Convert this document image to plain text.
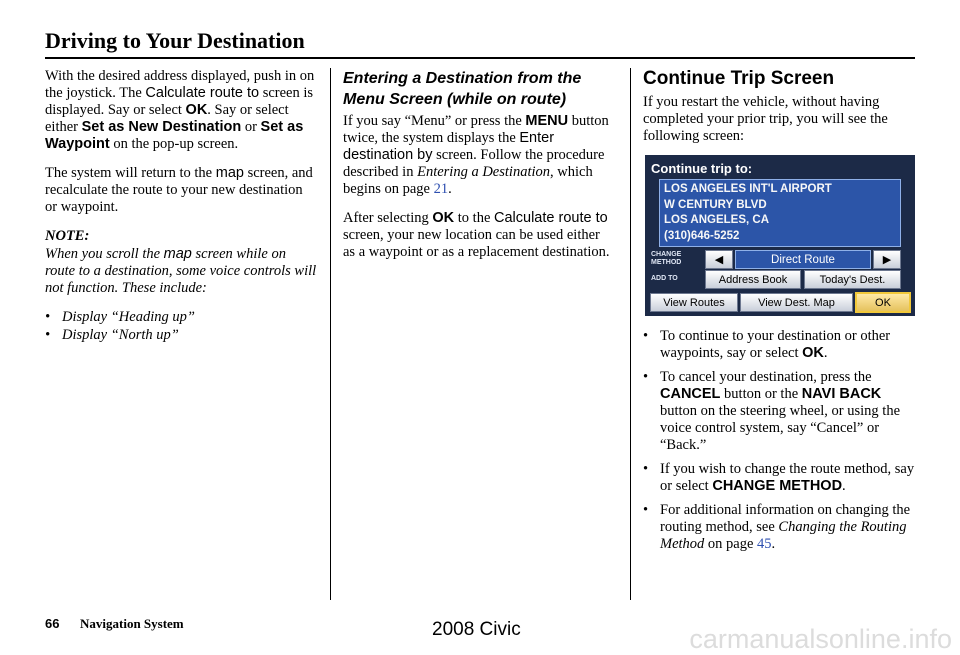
Driving to Your Destination

With the desired address displayed, push in on the joystick. The Calculate route to screen is displayed. Say or select OK. Say or select either Set as New Destination or Set as Waypoint on the pop-up screen.

The system will return to the map screen, and recalculate the route to your new destination or waypoint.

NOTE:
When you scroll the map screen while on route to a destination, some voice controls will not function. These include:
• Display “Heading up”
• Display “North up”
Entering a Destination from the Menu Screen (while on route)

If you say “Menu” or press the MENU button twice, the system displays the Enter destination by screen. Follow the procedure described in Entering a Destination, which begins on page 21.

After selecting OK to the Calculate route to screen, your new location can be used either as a waypoint or as a replacement destination.

Continue Trip Screen
If you restart the vehicle, without having completed your prior trip, you will see the following screen:
Continue trip to:
LOS ANGELES INT'L AIRPORT
W CENTURY BLVD
LOS ANGELES, CA
(310)646-5252
CHANGE METHOD	◀	Direct Route	▶
ADD TO	Address Book	Today's Dest.
View Routes	View Dest. Map	OK
• To continue to your destination or other waypoints, say or select OK.
• To cancel your destination, press the CANCEL button or the NAVI BACK button on the steering wheel, or using the voice control system, say “Cancel” or “Back.”
• If you wish to change the route method, say or select CHANGE METHOD.
• For additional information on changing the routing method, see Changing the Routing Method on page 45.
66 Navigation System	2008 Civic	carmanualsonline.info
